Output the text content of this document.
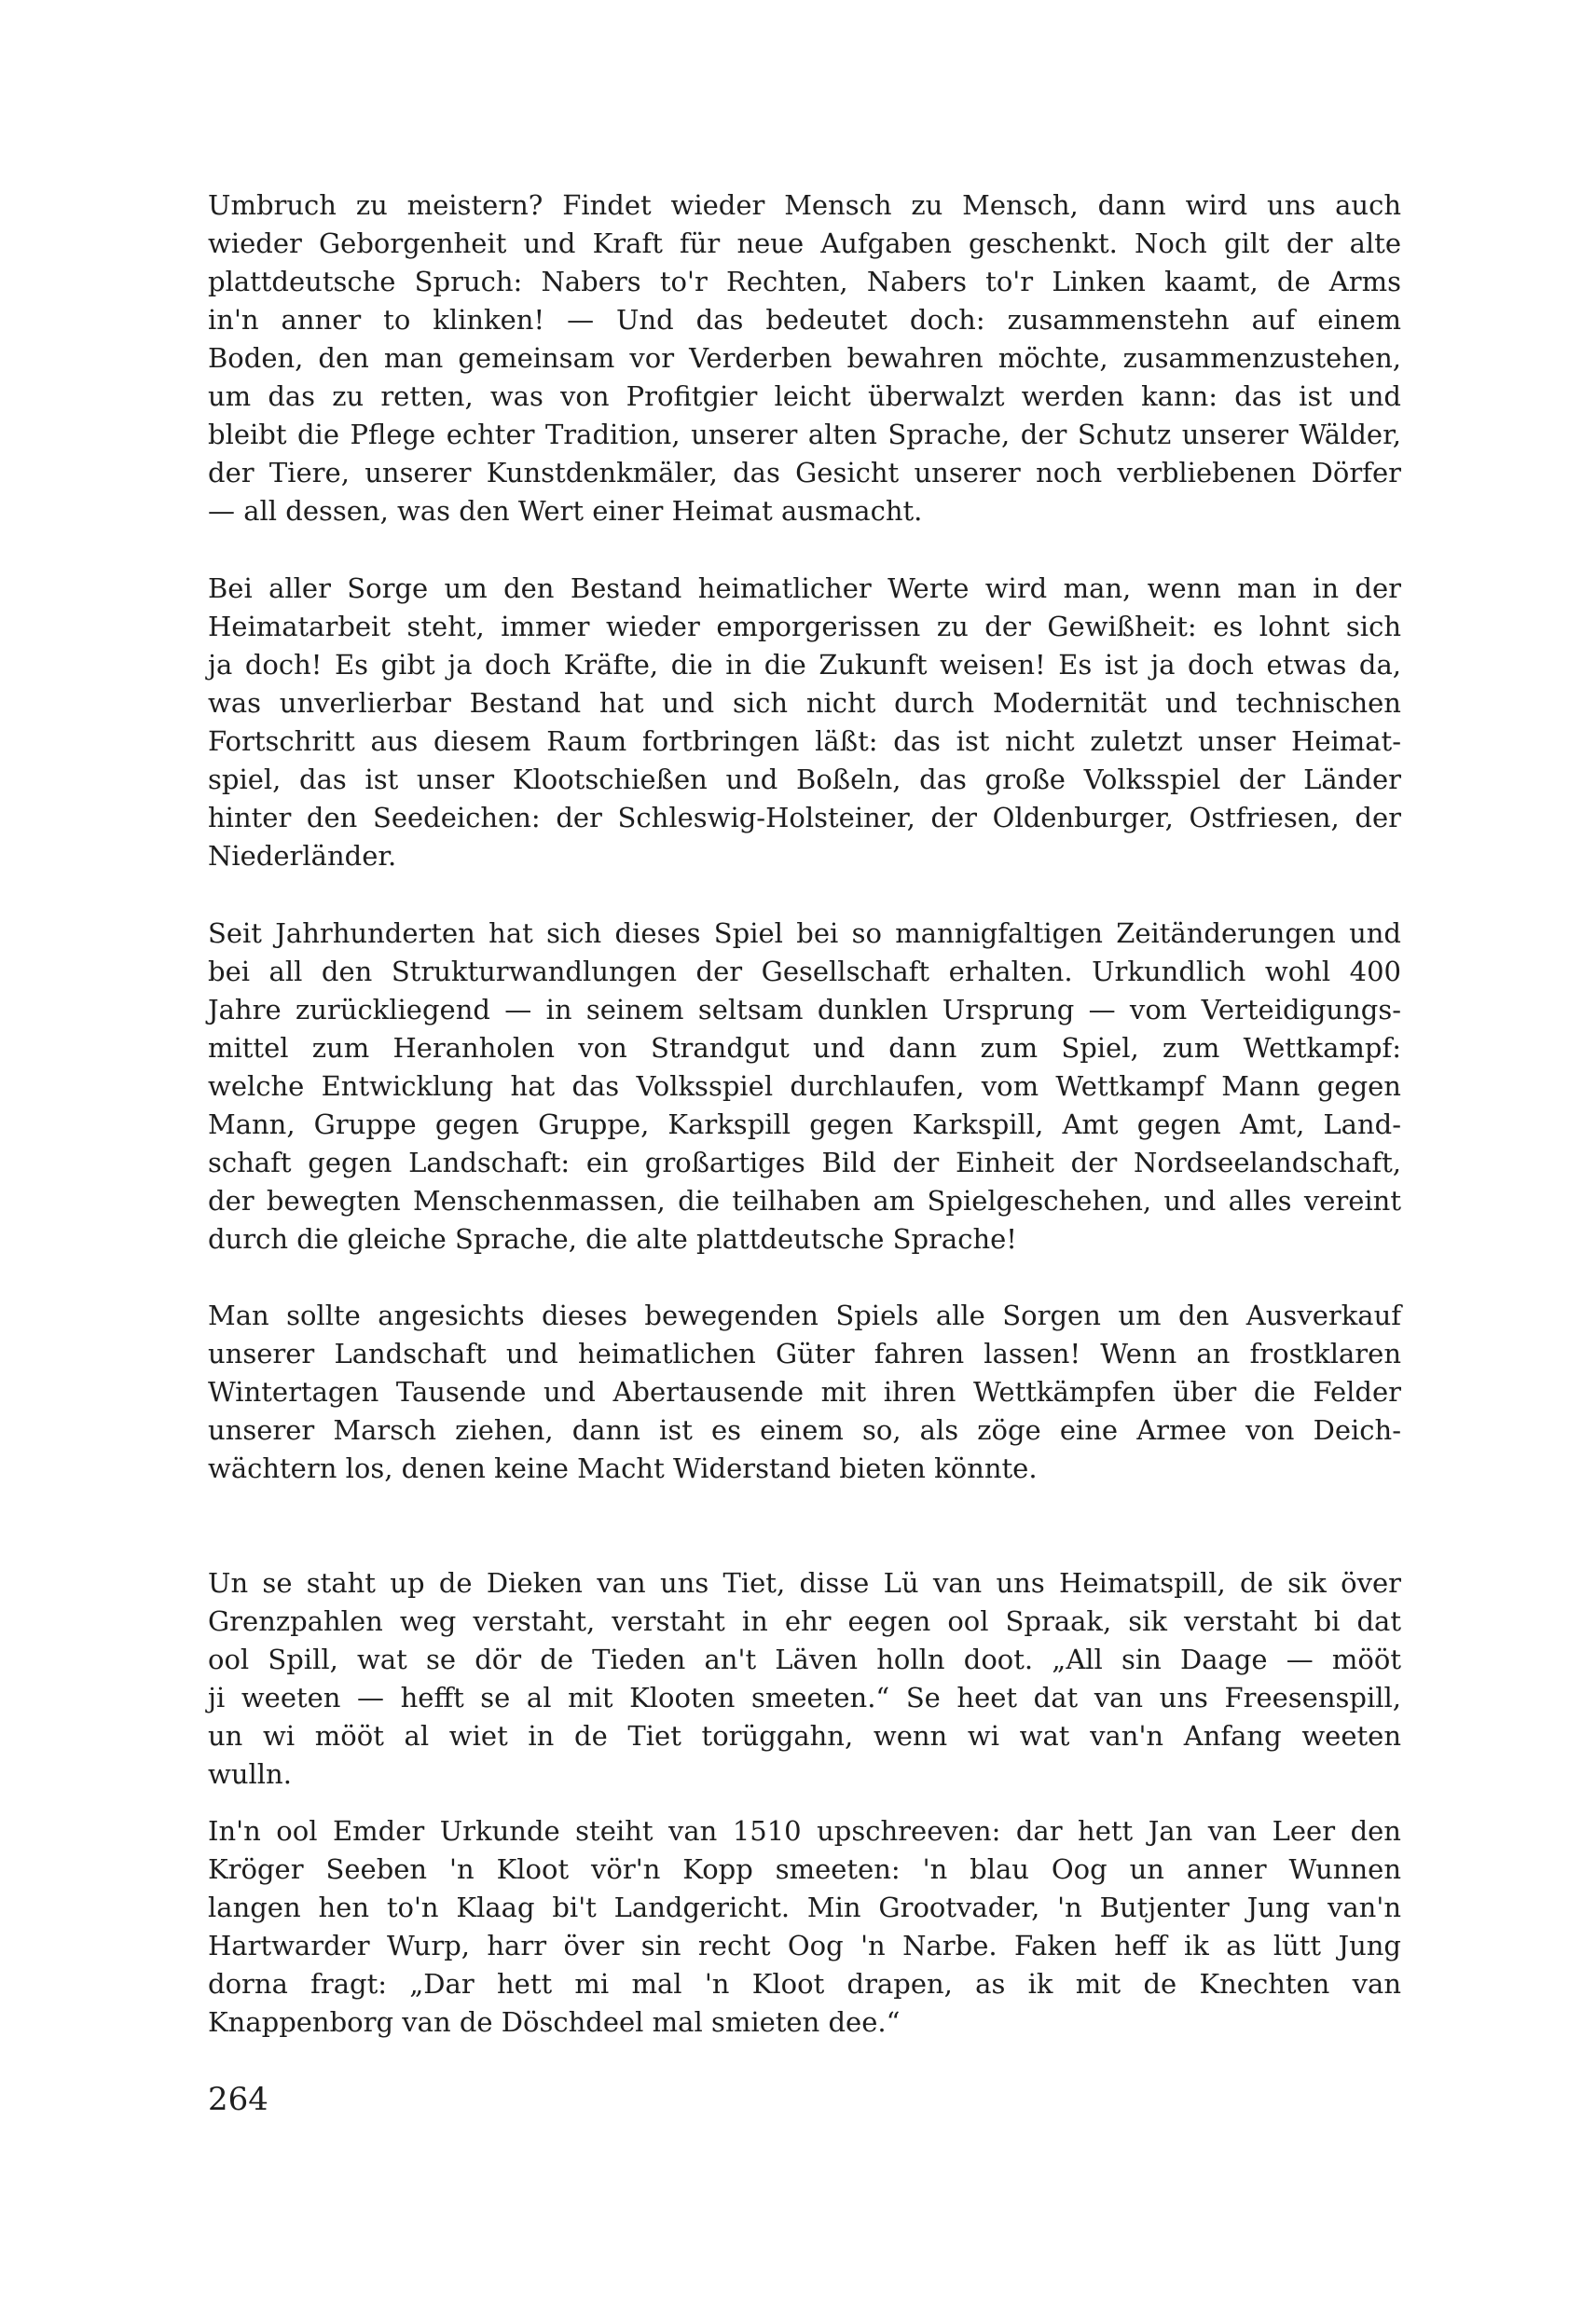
Umbruch zu meistern? Findet wieder Mensch zu Mensch, dann wird uns auch
wieder Geborgenheit und Kraft für neue Aufgaben geschenkt. Noch gilt der alte
plattdeutsche Spruch: Nabers to'r Rechten, Nabers to'r Linken kaamt, de Arms
in'n anner to klinken! — Und das bedeutet doch: zusammenstehn auf einem
Boden, den man gemeinsam vor Verderben bewahren möchte, zusammenzustehen,
um das zu retten, was von Profitgier leicht überwalzt werden kann: das ist und
bleibt die Pflege echter Tradition, unserer alten Sprache, der Schutz unserer Wälder,
der Tiere, unserer Kunstdenkmäler, das Gesicht unserer noch verbliebenen Dörfer
— all dessen, was den Wert einer Heimat ausmacht.
Bei aller Sorge um den Bestand heimatlicher Werte wird man, wenn man in der
Heimatarbeit steht, immer wieder emporgerissen zu der Gewißheit: es lohnt sich
ja doch! Es gibt ja doch Kräfte, die in die Zukunft weisen! Es ist ja doch etwas da,
was unverlierbar Bestand hat und sich nicht durch Modernität und technischen
Fortschritt aus diesem Raum fortbringen läßt: das ist nicht zuletzt unser Heimat-
spiel, das ist unser Klootschießen und Boßeln, das große Volksspiel der Länder
hinter den Seedeichen: der Schleswig-Holsteiner, der Oldenburger, Ostfriesen, der
Niederländer.
Seit Jahrhunderten hat sich dieses Spiel bei so mannigfaltigen Zeitänderungen und
bei all den Strukturwandlungen der Gesellschaft erhalten. Urkundlich wohl 400
Jahre zurückliegend — in seinem seltsam dunklen Ursprung — vom Verteidigungs-
mittel zum Heranholen von Strandgut und dann zum Spiel, zum Wettkampf:
welche Entwicklung hat das Volksspiel durchlaufen, vom Wettkampf Mann gegen
Mann, Gruppe gegen Gruppe, Karkspill gegen Karkspill, Amt gegen Amt, Land-
schaft gegen Landschaft: ein großartiges Bild der Einheit der Nordseelandschaft,
der bewegten Menschenmassen, die teilhaben am Spielgeschehen, und alles vereint
durch die gleiche Sprache, die alte plattdeutsche Sprache!
Man sollte angesichts dieses bewegenden Spiels alle Sorgen um den Ausverkauf
unserer Landschaft und heimatlichen Güter fahren lassen! Wenn an frostklaren
Wintertagen Tausende und Abertausende mit ihren Wettkämpfen über die Felder
unserer Marsch ziehen, dann ist es einem so, als zöge eine Armee von Deich-
wächtern los, denen keine Macht Widerstand bieten könnte.
Un se staht up de Dieken van uns Tiet, disse Lü van uns Heimatspill, de sik över
Grenzpahlen weg verstaht, verstaht in ehr eegen ool Spraak, sik verstaht bi dat
ool Spill, wat se dör de Tieden an't Läven holln doot. „All sin Daage — mööt
ji weeten — hefft se al mit Klooten smeeten.“ Se heet dat van uns Freesenspill,
un wi mööt al wiet in de Tiet torüggahn, wenn wi wat van'n Anfang weeten
wulln.
In'n ool Emder Urkunde steiht van 1510 upschreeven: dar hett Jan van Leer den
Kröger Seeben 'n Kloot vör'n Kopp smeeten: 'n blau Oog un anner Wunnen
langen hen to'n Klaag bi't Landgericht. Min Grootvader, 'n Butjenter Jung van'n
Hartwarder Wurp, harr över sin recht Oog 'n Narbe. Faken heff ik as lütt Jung
dorna fragt: „Dar hett mi mal 'n Kloot drapen, as ik mit de Knechten van
Knappenborg van de Döschdeel mal smieten dee.“

264
